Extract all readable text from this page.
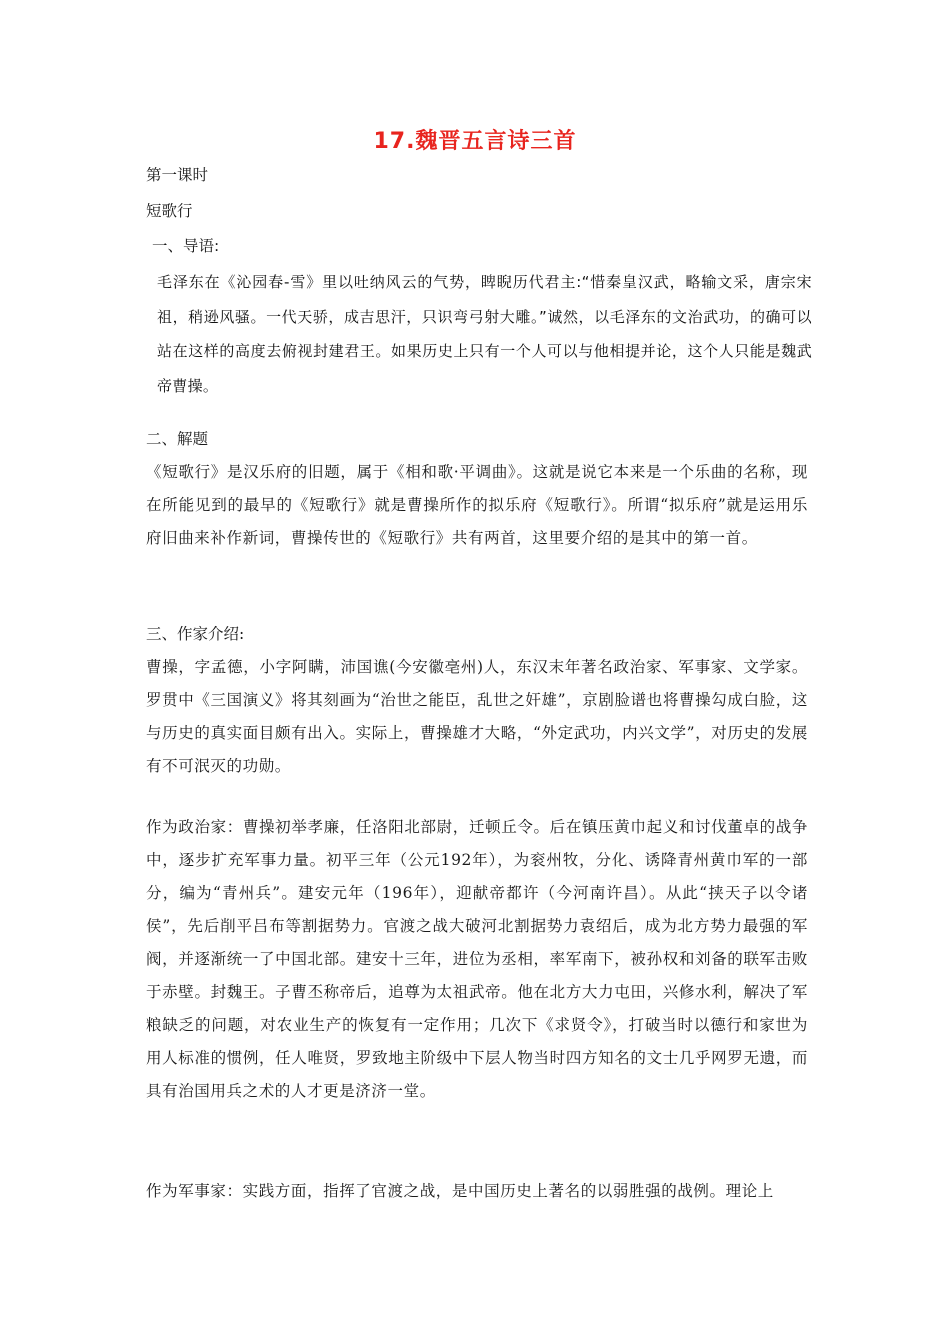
17.魏晋五言诗三首
第一课时
短歌行
一、导语:
毛泽东在《沁园春-雪》里以吐纳风云的气势，睥睨历代君主:“惜秦皇汉武，略输文采，唐宗宋祖，稍逊风骚。一代天骄，成吉思汗，只识弯弓射大雕。”诚然，以毛泽东的文治武功，的确可以站在这样的高度去俯视封建君王。如果历史上只有一个人可以与他相提并论，这个人只能是魏武帝曹操。
二、解题
《短歌行》是汉乐府的旧题，属于《相和歌·平调曲》。这就是说它本来是一个乐曲的名称，现在所能见到的最早的《短歌行》就是曹操所作的拟乐府《短歌行》。所谓“拟乐府”就是运用乐府旧曲来补作新词，曹操传世的《短歌行》共有两首，这里要介绍的是其中的第一首。
三、作家介绍:
曹操，字孟德，小字阿瞒，沛国谯(今安徽亳州)人，东汉末年著名政治家、军事家、文学家。罗贯中《三国演义》将其刻画为“治世之能臣，乱世之奸雄”，京剧脸谱也将曹操勾成白脸，这与历史的真实面目颇有出入。实际上，曹操雄才大略，“外定武功，内兴文学”，对历史的发展有不可泯灭的功勋。
作为政治家：曹操初举孝廉，任洛阳北部尉，迁顿丘令。后在镇压黄巾起义和讨伐董卓的战争中，逐步扩充军事力量。初平三年（公元192年），为衮州牧，分化、诱降青州黄巾军的一部分，编为“青州兵”。建安元年（196年），迎献帝都许（今河南许昌）。从此“挟天子以令诸侯”，先后削平吕布等割据势力。官渡之战大破河北割据势力袁绍后，成为北方势力最强的军阀，并逐渐统一了中国北部。建安十三年，进位为丞相，率军南下，被孙权和刘备的联军击败于赤壁。封魏王。子曹丕称帝后，追尊为太祖武帝。他在北方大力屯田，兴修水利，解决了军粮缺乏的问题，对农业生产的恢复有一定作用；几次下《求贤令》，打破当时以德行和家世为用人标准的惯例，任人唯贤，罗致地主阶级中下层人物当时四方知名的文士几乎网罗无遗，而具有治国用兵之术的人才更是济济一堂。
作为军事家：实践方面，指挥了官渡之战，是中国历史上著名的以弱胜强的战例。理论上
